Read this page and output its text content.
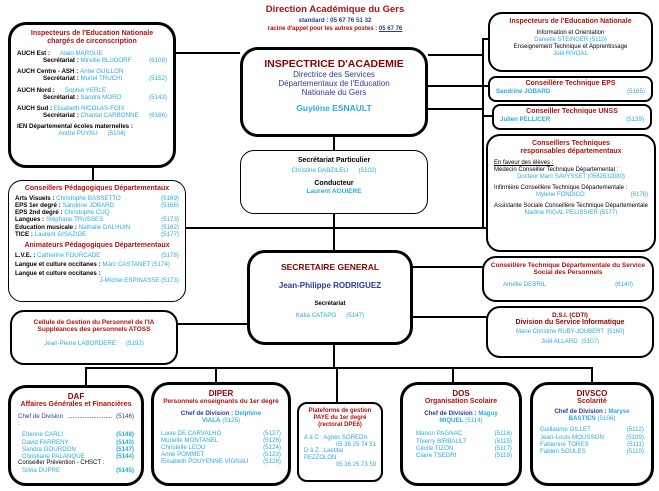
Direction Académique du Gers
standard : 05 67 76 51 32
racine d'appel pour les autres postes : 05 67 76
Inspecteurs de l'Education Nationale
chargés de circonscription
AUCH Est : Alain MARGUE
Secrétariat :
Mireille BLUDORF	(6108)
AUCH Centre - ASH :
Anne GUILLON
Secrétariat :
Muriel TRUCHI	(5152)
AUCH Nord : Sophie YERLE
Secrétariat :
Sandra MORO	(5143)
AUCH Sud :
Elisabeth NICOLAS-FOIX
Secrétariat :
Chantal CARBONNE	(6166)
IEN Départemental écoles maternelles :
André PUYAU (5104)
INSPECTRICE D'ACADEMIE
Directrice des Services
Départementaux de l'Education
Nationale du Gers
Guylène ESNAULT
Secrétariat Particulier
Christine DABZILELI (5102)
Conducteur
Laurent AGUIERE
SECRETAIRE GENERAL
Jean-Philippe RODRIGUEZ
Secrétariat
Katia CATAPO (5147)
Conseillers Pédagogiques Départementaux
Arts Visuels :
Christophe BASSETTO	(5169)
EPS 1er degré :
Sandrine JOBARD	(5168)
EPS 2nd degré :
Christophe CUQ
Langues :
Stéphane TRUSSES	(5173)
Education musicale :
Nathalie DALHUIN	(5162)
TICE :
Laurent GISAZIDE	(5177)
Animateurs Pédagogiques Départementaux
L.V.E. :
Catherine FOURCADE	(5178)
Langue et culture occitanes : Marc CASTANET (5174)
Langue et culture occitanes :
J-Michel ESPINASSE (5173)
Cellule de Gestion du Personnel de l'IA
Suppléances des personnels ATOSS
Jean-Pierre LABORDERE (5192)
Inspecteurs de l'Education Nationale
Information et Orientation
Danielle STEINGER (5110)
Enseignement Technique et Apprentissage
Joël RIVOAL
Conseillère Technique EPS
Sandrine JOBARD	(5165)
Conseiller Technique UNSS
Julien PELLICER	(5139)
Conseillers Techniques
responsables départementaux
En faveur des élèves :
Médecin Conseiller Technique Départemental :
Docteur Marc SAVYSSET (0562632080)
Infirmière Conseillère Technique Départementale :
Mylène FONDICO	(5176)
Assistante Sociale Conseillère Technique Départementale
Nadine RIGAL PELISSIER (5177)
Conseillère Technique Départementale du Service Social des Personnels
Amélie DEBRIL	(6140)
D.S.I. (CDTI)
Division du Service Informatique
Marie Christine RUBY-JOUBERT [5160]
Joël ALLARD (5107)
DAF
Affaires Générales et Financières
Chef de Division :

.......................... (5146)
Etienne CARLI	(5148)
David FARRENY	(5143)
Sandra GOURDON	(5147)
Christiane PALANQUE	(5144)
Conseiller Prévention - CHSCT :
Silvia DUPRE	(5145)
DIPER
Personnels enseignants du 1er degré
Chef de Division : Delphine VIALA (5125)
Lucie DE CARVALHO	(5127)
Murielle MONTANEL	(5126)
Christelle LEOU	(5124)
Anne POMMET	(5123)
Elisabeth POUYENNE VIGNAU	(5128)
Plateforme de gestion
PAYE du 1er degré
(rectorat DPE6)
A à C : Agnès SOREDA
05 36 25 74 51
D à Z : Laetitia PEZZOLON
05 36 25 73 59
DOS
Organisation Scolaire
Chef de Division : Maguy MIQUEL (5114)
Manon PAGNAC	(5116)
Thierry BIRBAULT	(5115)
Cécile TIZON	(5117)
Claire TSEDRI	(5119)
DIVSCO
Scolarité
Chef de Division : Maryse BASTIEN (5106)
Guillaume GILLET	(5112)
Jean-Louis MOUSSON	(5109)
Fabienne TORES	(5111)
Fabien SOULES	(5110)
